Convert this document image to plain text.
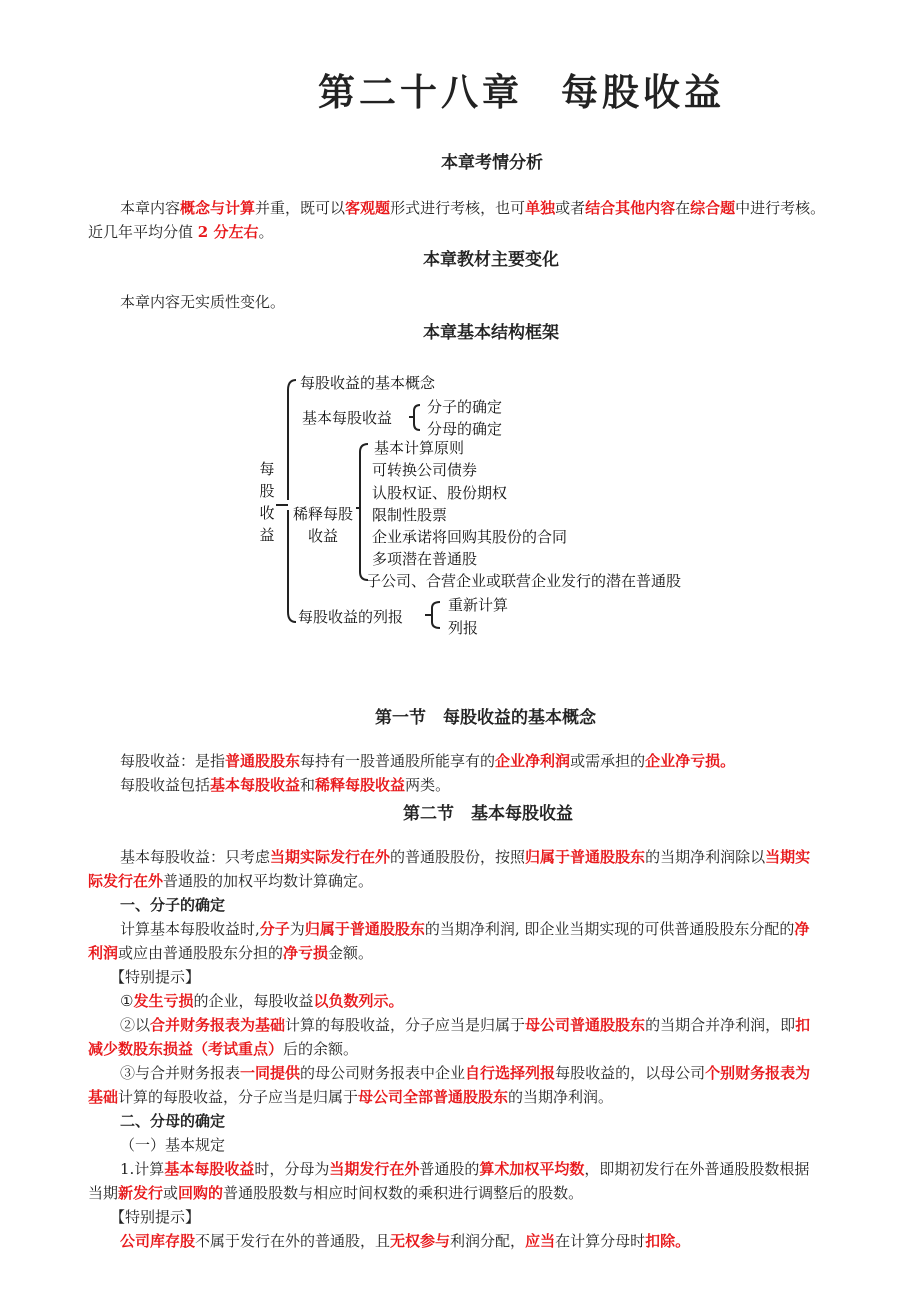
第二十八章 每股收益
本章考情分析
本章内容概念与计算并重，既可以客观题形式进行考核，也可单独或者结合其他内容在综合题中进行考核。
近几年平均分值 2 分左右。
本章教材主要变化
本章内容无实质性变化。
本章基本结构框架
每
股
收
益
每股收益的基本概念
基本每股收益
分子的确定
分母的确定
稀释每股
收益
基本计算原则
可转换公司债券
认股权证、股份期权
限制性股票
企业承诺将回购其股份的合同
多项潜在普通股
子公司、合营企业或联营企业发行的潜在普通股
每股收益的列报
重新计算
列报
第一节　每股收益的基本概念
每股收益：是指普通股股东每持有一股普通股所能享有的企业净利润或需承担的企业净亏损。
每股收益包括基本每股收益和稀释每股收益两类。
第二节　基本每股收益
基本每股收益：只考虑当期实际发行在外的普通股股份，按照归属于普通股股东的当期净利润除以当期实
际发行在外普通股的加权平均数计算确定。
一、分子的确定
计算基本每股收益时,分子为归属于普通股股东的当期净利润, 即企业当期实现的可供普通股股东分配的净
利润或应由普通股股东分担的净亏损金额。
【特别提示】
①发生亏损的企业，每股收益以负数列示。
②以合并财务报表为基础计算的每股收益，分子应当是归属于母公司普通股股东的当期合并净利润，即扣
减少数股东损益（考试重点）后的余额。
③与合并财务报表一同提供的母公司财务报表中企业自行选择列报每股收益的，以母公司个别财务报表为
基础计算的每股收益，分子应当是归属于母公司全部普通股股东的当期净利润。
二、分母的确定
（一）基本规定
1.计算基本每股收益时，分母为当期发行在外普通股的算术加权平均数，即期初发行在外普通股股数根据
当期新发行或回购的普通股股数与相应时间权数的乘积进行调整后的股数。
【特别提示】
公司库存股不属于发行在外的普通股，且无权参与利润分配，应当在计算分母时扣除。
